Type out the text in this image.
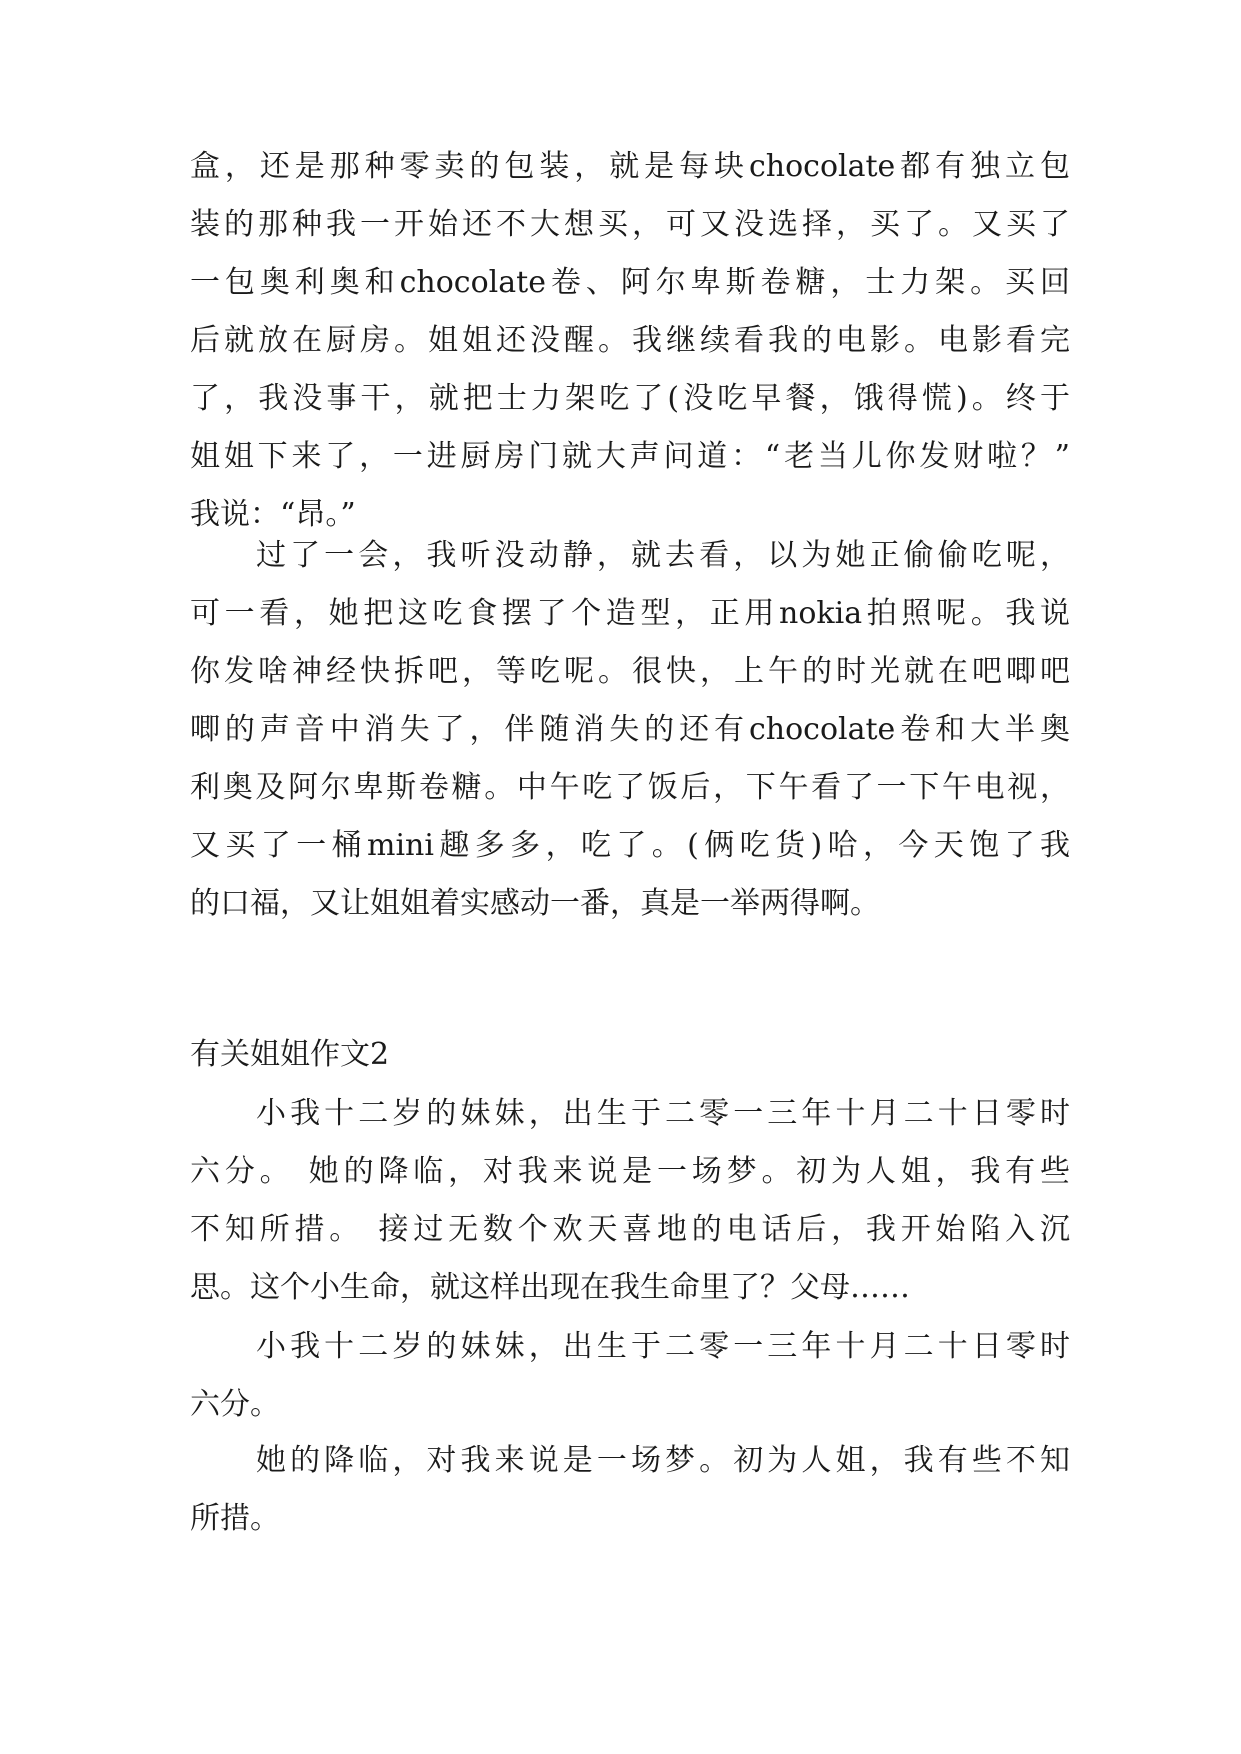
盒，还是那种零卖的包装，就是每块chocolate都有独立包
装的那种我一开始还不大想买，可又没选择，买了。又买了
一包奥利奥和chocolate卷、阿尔卑斯卷糖，士力架。买回
后就放在厨房。姐姐还没醒。我继续看我的电影。电影看完
了，我没事干，就把士力架吃了(没吃早餐，饿得慌)。终于
姐姐下来了，一进厨房门就大声问道：“老当儿你发财啦？”
我说：“昂。”
过了一会，我听没动静，就去看，以为她正偷偷吃呢，
可一看，她把这吃食摆了个造型，正用nokia拍照呢。我说
你发啥神经快拆吧，等吃呢。很快，上午的时光就在吧唧吧
唧的声音中消失了，伴随消失的还有chocolate卷和大半奥
利奥及阿尔卑斯卷糖。中午吃了饭后，下午看了一下午电视，
又买了一桶mini趣多多，吃了。(俩吃货)哈，今天饱了我
的口福，又让姐姐着实感动一番，真是一举两得啊。
有关姐姐作文2
小我十二岁的妹妹，出生于二零一三年十月二十日零时
六分。 她的降临，对我来说是一场梦。初为人姐，我有些
不知所措。 接过无数个欢天喜地的电话后，我开始陷入沉
思。这个小生命，就这样出现在我生命里了？父母……
小我十二岁的妹妹，出生于二零一三年十月二十日零时
六分。
她的降临，对我来说是一场梦。初为人姐，我有些不知
所措。
